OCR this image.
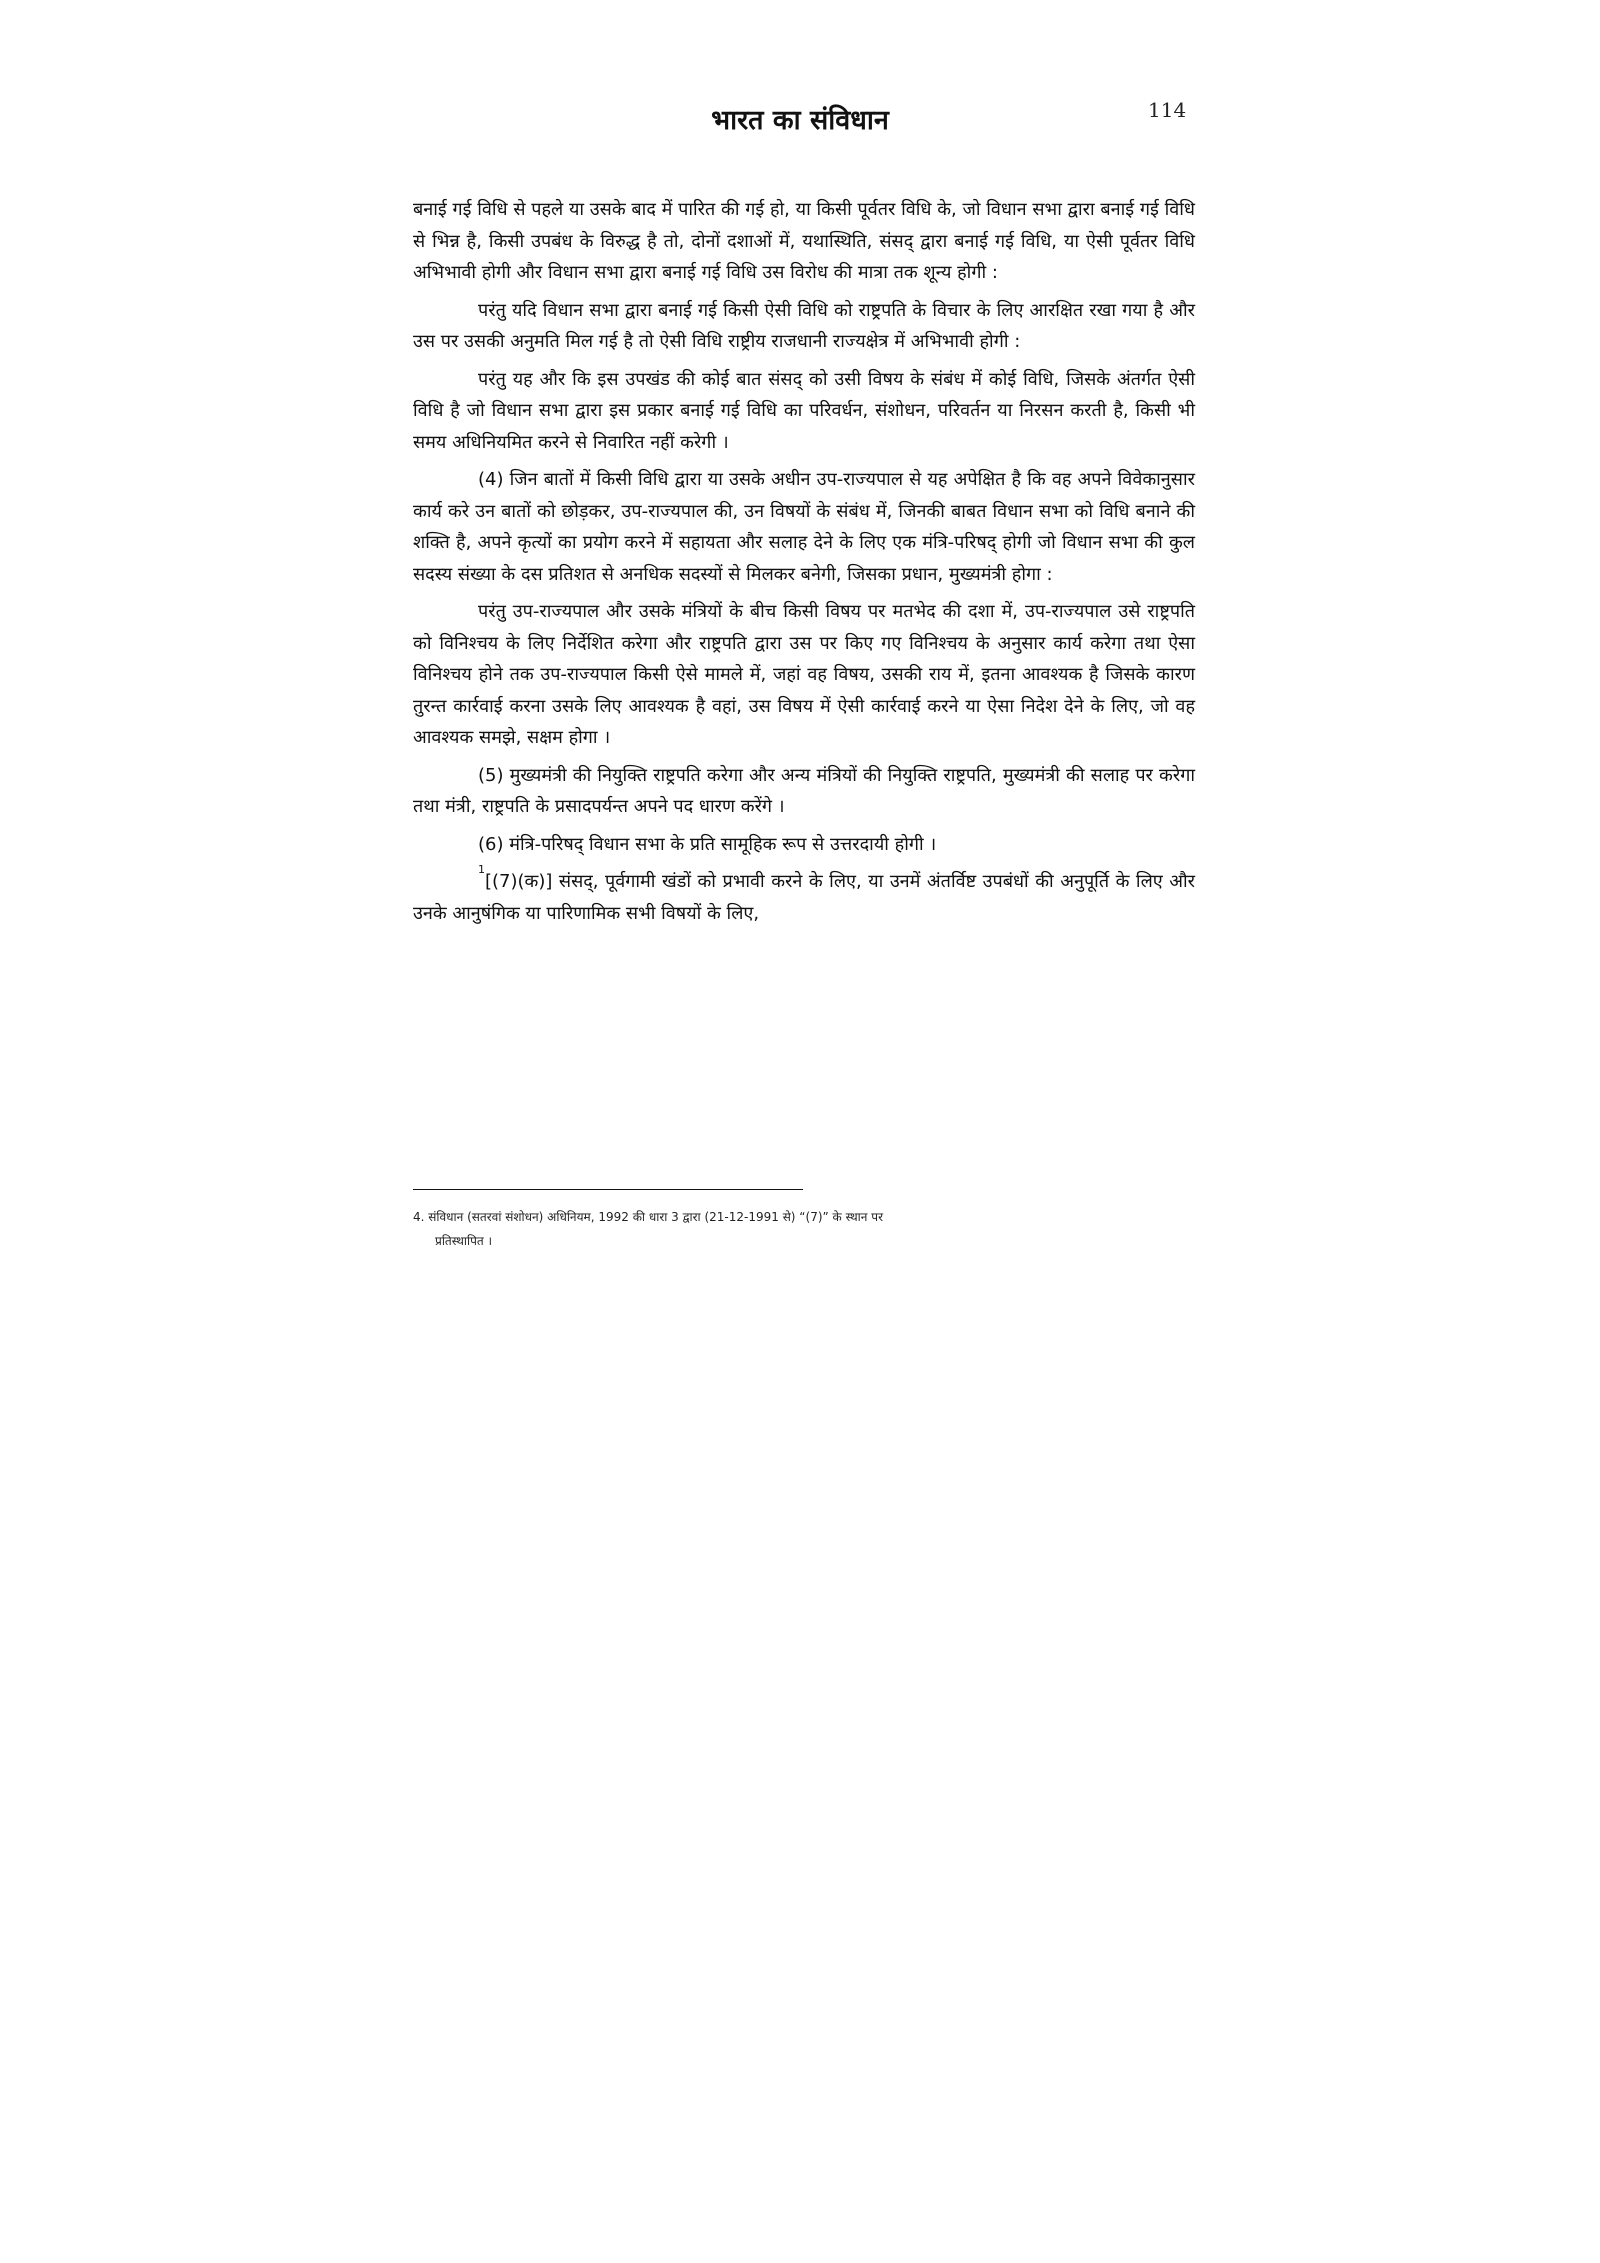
भारत का संविधान	114

बनाई गई विधि से पहले या उसके बाद में पारित की गई हो, या किसी पूर्वतर विधि के, जो विधान सभा द्वारा बनाई गई विधि से भिन्न है, किसी उपबंध के विरुद्ध है तो, दोनों दशाओं में, यथास्थिति, संसद् द्वारा बनाई गई विधि, या ऐसी पूर्वतर विधि अभिभावी होगी और विधान सभा द्वारा बनाई गई विधि उस विरोध की मात्रा तक शून्य होगी :

परंतु यदि विधान सभा द्वारा बनाई गई किसी ऐसी विधि को राष्ट्रपति के विचार के लिए आरक्षित रखा गया है और उस पर उसकी अनुमति मिल गई है तो ऐसी विधि राष्ट्रीय राजधानी राज्यक्षेत्र में अभिभावी होगी :

परंतु यह और कि इस उपखंड की कोई बात संसद् को उसी विषय के संबंध में कोई विधि, जिसके अंतर्गत ऐसी विधि है जो विधान सभा द्वारा इस प्रकार बनाई गई विधि का परिवर्धन, संशोधन, परिवर्तन या निरसन करती है, किसी भी समय अधिनियमित करने से निवारित नहीं करेगी ।

(4) जिन बातों में किसी विधि द्वारा या उसके अधीन उप-राज्यपाल से यह अपेक्षित है कि वह अपने विवेकानुसार कार्य करे उन बातों को छोड़कर, उप-राज्यपाल की, उन विषयों के संबंध में, जिनकी बाबत विधान सभा को विधि बनाने की शक्ति है, अपने कृत्यों का प्रयोग करने में सहायता और सलाह देने के लिए एक मंत्रि-परिषद् होगी जो विधान सभा की कुल सदस्य संख्या के दस प्रतिशत से अनधिक सदस्यों से मिलकर बनेगी, जिसका प्रधान, मुख्यमंत्री होगा :

परंतु उप-राज्यपाल और उसके मंत्रियों के बीच किसी विषय पर मतभेद की दशा में, उप-राज्यपाल उसे राष्ट्रपति को विनिश्चय के लिए निर्देशित करेगा और राष्ट्रपति द्वारा उस पर किए गए विनिश्चय के अनुसार कार्य करेगा तथा ऐसा विनिश्चय होने तक उप-राज्यपाल किसी ऐसे मामले में, जहां वह विषय, उसकी राय में, इतना आवश्यक है जिसके कारण तुरन्त कार्रवाई करना उसके लिए आवश्यक है वहां, उस विषय में ऐसी कार्रवाई करने या ऐसा निदेश देने के लिए, जो वह आवश्यक समझे, सक्षम होगा ।

(5) मुख्यमंत्री की नियुक्ति राष्ट्रपति करेगा और अन्य मंत्रियों की नियुक्ति राष्ट्रपति, मुख्यमंत्री की सलाह पर करेगा तथा मंत्री, राष्ट्रपति के प्रसादपर्यन्त अपने पद धारण करेंगे ।

(6) मंत्रि-परिषद् विधान सभा के प्रति सामूहिक रूप से उत्तरदायी होगी ।

$^1$[(7)(क)] संसद्, पूर्वगामी खंडों को प्रभावी करने के लिए, या उनमें अंतर्विष्ट उपबंधों की अनुपूर्ति के लिए और उनके आनुषंगिक या पारिणामिक सभी विषयों के लिए,

4. संविधान (सतरवां संशोधन) अधिनियम, 1992 की धारा 3 द्वारा (21-12-1991 से) “(7)” के स्थान पर
प्रतिस्थापित ।
